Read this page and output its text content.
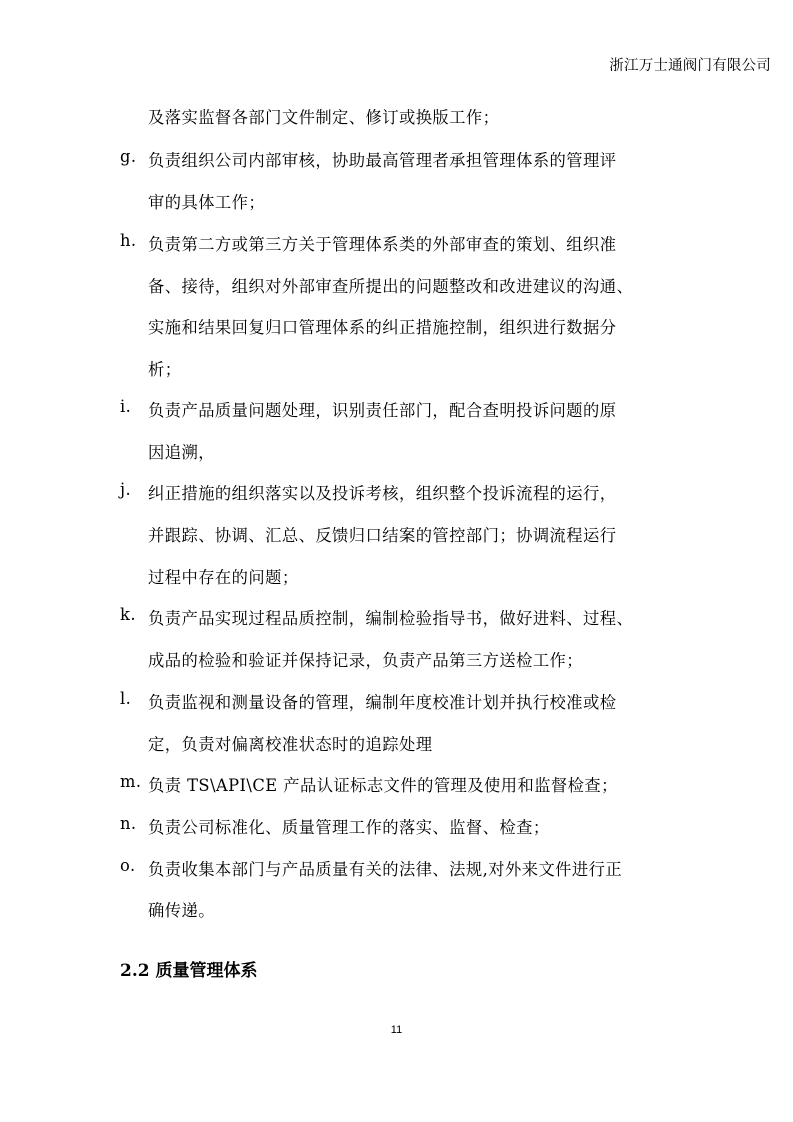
浙江万士通阀门有限公司
及落实监督各部门文件制定、修订或换版工作；
g. 负责组织公司内部审核，协助最高管理者承担管理体系的管理评
审的具体工作；
h. 负责第二方或第三方关于管理体系类的外部审查的策划、组织准
备、接待，组织对外部审查所提出的问题整改和改进建议的沟通、
实施和结果回复归口管理体系的纠正措施控制，组织进行数据分
析；
i. 负责产品质量问题处理，识别责任部门，配合查明投诉问题的原
因追溯，
j. 纠正措施的组织落实以及投诉考核，组织整个投诉流程的运行，
并跟踪、协调、汇总、反馈归口结案的管控部门；协调流程运行
过程中存在的问题；
k. 负责产品实现过程品质控制，编制检验指导书，做好进料、过程、
成品的检验和验证并保持记录，负责产品第三方送检工作；
l. 负责监视和测量设备的管理，编制年度校准计划并执行校准或检
定，负责对偏离校准状态时的追踪处理
m. 负责 TS\API\CE 产品认证标志文件的管理及使用和监督检查；
n. 负责公司标准化、质量管理工作的落实、监督、检查；
o. 负责收集本部门与产品质量有关的法律、法规,对外来文件进行正
确传递。
2.2 质量管理体系
11
